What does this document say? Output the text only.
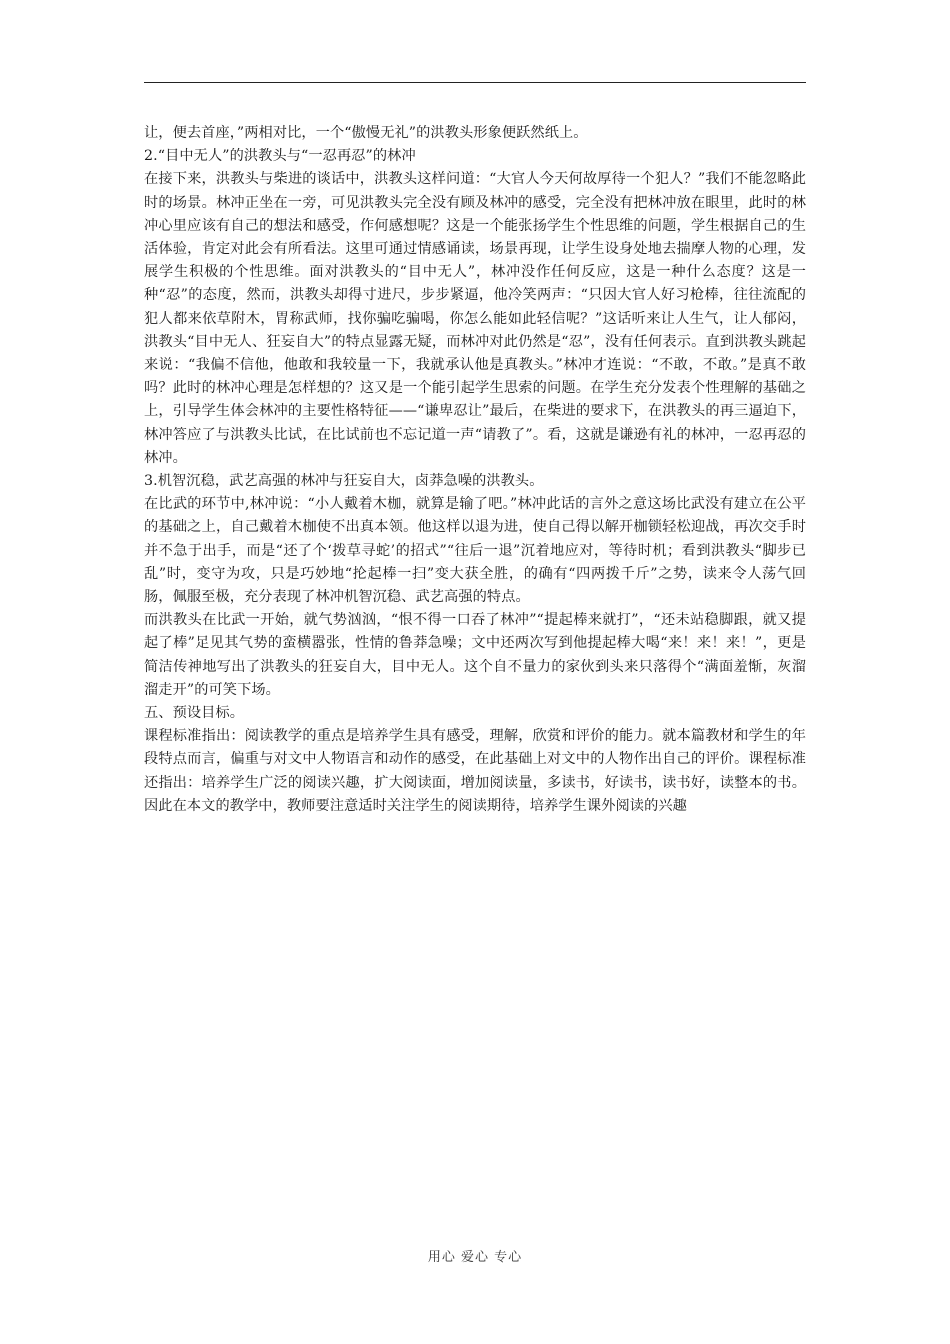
让，便去首座，”两相对比，一个“傲慢无礼”的洪教头形象便跃然纸上。

2.“目中无人”的洪教头与“一忍再忍”的林冲

在接下来，洪教头与柴进的谈话中，洪教头这样问道：“大官人今天何故厚待一个犯人？”我们不能忽略此时的场景。林冲正坐在一旁，可见洪教头完全没有顾及林冲的感受，完全没有把林冲放在眼里，此时的林冲心里应该有自己的想法和感受，作何感想呢？这是一个能张扬学生个性思维的问题，学生根据自己的生活体验，肯定对此会有所看法。这里可通过情感诵读，场景再现，让学生设身处地去揣摩人物的心理，发展学生积极的个性思维。面对洪教头的“目中无人”，林冲没作任何反应，这是一种什么态度？这是一种“忍”的态度，然而，洪教头却得寸进尺，步步紧逼，他冷笑两声：“只因大官人好习枪棒，往往流配的犯人都来依草附木，胃称武师，找你骗吃骗喝，你怎么能如此轻信呢？”这话听来让人生气，让人郁闷，洪教头“目中无人、狂妄自大”的特点显露无疑，而林冲对此仍然是“忍”，没有任何表示。直到洪教头跳起来说：“我偏不信他，他敢和我较量一下，我就承认他是真教头。”林冲才连说：“不敢，不敢。”是真不敢吗？此时的林冲心理是怎样想的？这又是一个能引起学生思索的问题。在学生充分发表个性理解的基础之上，引导学生体会林冲的主要性格特征——“谦卑忍让”最后，在柴进的要求下，在洪教头的再三逼迫下，林冲答应了与洪教头比试，在比试前也不忘记道一声“请教了”。看，这就是谦逊有礼的林冲，一忍再忍的林冲。

3.机智沉稳，武艺高强的林冲与狂妄自大，卤莽急噪的洪教头。

在比武的环节中,林冲说：“小人戴着木枷，就算是输了吧。”林冲此话的言外之意这场比武没有建立在公平的基础之上，自己戴着木枷使不出真本领。他这样以退为进，使自己得以解开枷锁轻松迎战，再次交手时并不急于出手，而是“还了个‘拨草寻蛇’的招式”“往后一退”沉着地应对，等待时机；看到洪教头“脚步已乱”时，变守为攻，只是巧妙地“抡起棒一扫”变大获全胜，的确有“四两拨千斤”之势，读来令人荡气回肠，佩服至极，充分表现了林冲机智沉稳、武艺高强的特点。

而洪教头在比武一开始，就气势汹汹，“恨不得一口吞了林冲”“提起棒来就打”，“还未站稳脚跟，就又提起了棒”足见其气势的蛮横嚣张，性情的鲁莽急噪；文中还两次写到他提起棒大喝“来！来！来！”，更是简洁传神地写出了洪教头的狂妄自大，目中无人。这个自不量力的家伙到头来只落得个“满面羞惭，灰溜溜走开”的可笑下场。

五、预设目标。

课程标准指出：阅读教学的重点是培养学生具有感受，理解，欣赏和评价的能力。就本篇教材和学生的年段特点而言，偏重与对文中人物语言和动作的感受，在此基础上对文中的人物作出自己的评价。课程标准还指出：培养学生广泛的阅读兴趣，扩大阅读面，增加阅读量，多读书，好读书，读书好，读整本的书。因此在本文的教学中，教师要注意适时关注学生的阅读期待，培养学生课外阅读的兴趣

用心 爱心 专心
